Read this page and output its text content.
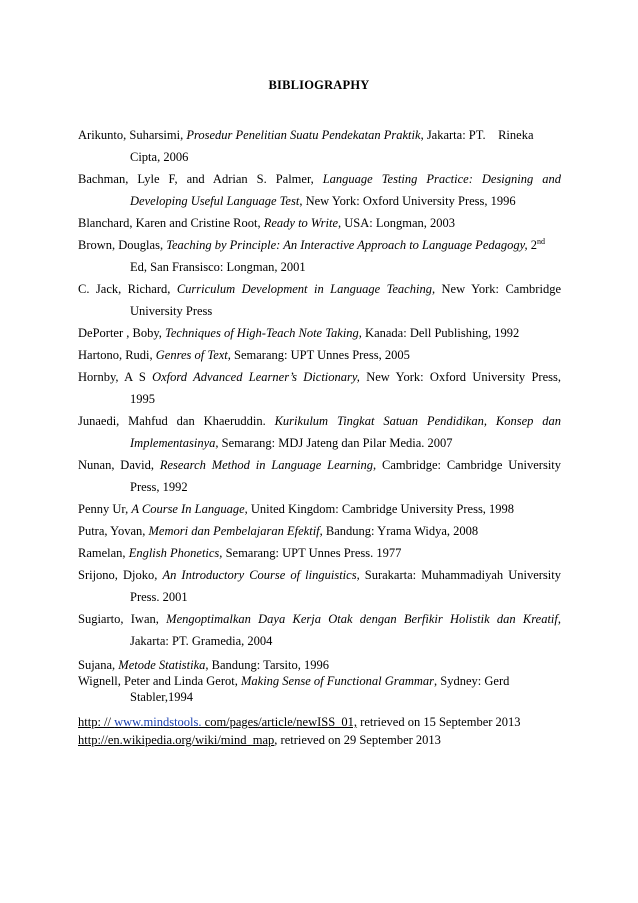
BIBLIOGRAPHY
Arikunto, Suharsimi, Prosedur Penelitian Suatu Pendekatan Praktik, Jakarta: PT.    Rineka
Cipta, 2006
Bachman, Lyle F, and Adrian S. Palmer, Language Testing Practice: Designing and
Developing Useful Language Test, New York: Oxford University Press, 1996
Blanchard, Karen and Cristine Root, Ready to Write, USA: Longman, 2003
Brown, Douglas, Teaching by Principle: An Interactive Approach to Language Pedagogy, 2nd
Ed, San Fransisco: Longman, 2001
C. Jack, Richard, Curriculum Development in Language Teaching, New York: Cambridge
University Press
DePorter , Boby, Techniques of High-Teach Note Taking, Kanada: Dell Publishing, 1992
Hartono, Rudi, Genres of Text, Semarang: UPT Unnes Press, 2005
Hornby, A S Oxford Advanced Learner’s Dictionary, New York: Oxford University Press,
1995
Junaedi, Mahfud dan Khaeruddin. Kurikulum Tingkat Satuan Pendidikan, Konsep dan
Implementasinya, Semarang: MDJ Jateng dan Pilar Media. 2007
Nunan, David, Research Method in Language Learning, Cambridge: Cambridge University
Press, 1992
Penny Ur, A Course In Language, United Kingdom: Cambridge University Press, 1998
Putra, Yovan, Memori dan Pembelajaran Efektif, Bandung: Yrama Widya, 2008
Ramelan, English Phonetics, Semarang: UPT Unnes Press. 1977
Srijono, Djoko, An Introductory Course of linguistics, Surakarta: Muhammadiyah University
Press. 2001
Sugiarto, Iwan, Mengoptimalkan Daya Kerja Otak dengan Berfikir Holistik dan Kreatif,
Jakarta: PT. Gramedia, 2004
Sujana, Metode Statistika, Bandung: Tarsito, 1996
Wignell, Peter and Linda Gerot, Making Sense of Functional Grammar, Sydney: Gerd
Stabler,1994
http: // www.mindstools. com/pages/article/newISS_01, retrieved on 15 September 2013
http://en.wikipedia.org/wiki/mind_map, retrieved on 29 September 2013
